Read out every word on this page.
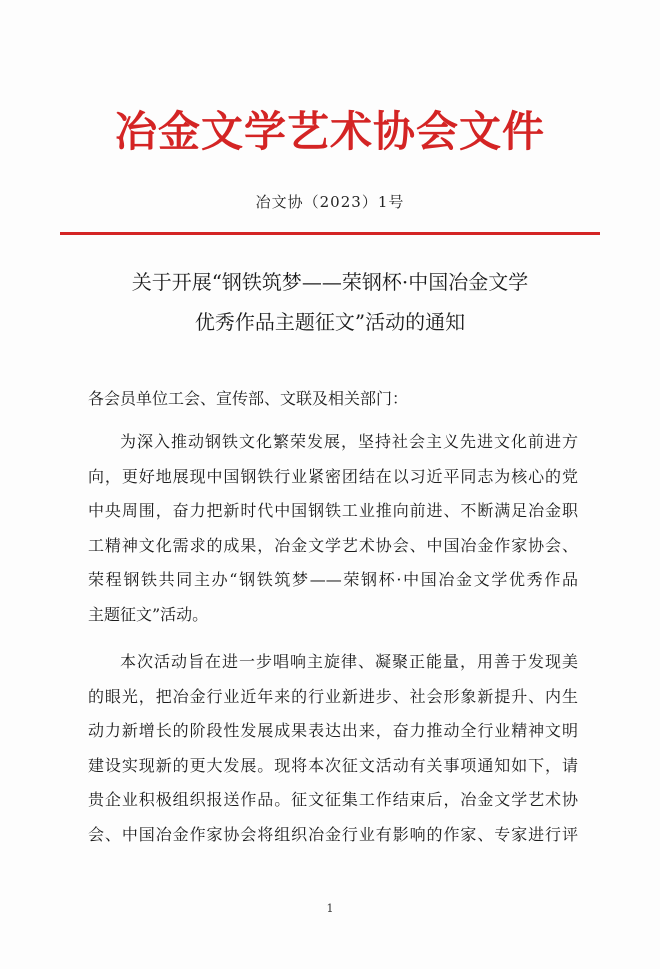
冶金文学艺术协会文件
冶文协（2023）1号
关于开展“钢铁筑梦——荣钢杯·中国冶金文学
优秀作品主题征文”活动的通知
各会员单位工会、宣传部、文联及相关部门：
为深入推动钢铁文化繁荣发展，坚持社会主义先进文化前进方
向，更好地展现中国钢铁行业紧密团结在以习近平同志为核心的党
中央周围，奋力把新时代中国钢铁工业推向前进、不断满足冶金职
工精神文化需求的成果，冶金文学艺术协会、中国冶金作家协会、
荣程钢铁共同主办“钢铁筑梦——荣钢杯·中国冶金文学优秀作品
主题征文”活动。
本次活动旨在进一步唱响主旋律、凝聚正能量，用善于发现美
的眼光，把冶金行业近年来的行业新进步、社会形象新提升、内生
动力新增长的阶段性发展成果表达出来，奋力推动全行业精神文明
建设实现新的更大发展。现将本次征文活动有关事项通知如下，请
贵企业积极组织报送作品。征文征集工作结束后，冶金文学艺术协
会、中国冶金作家协会将组织冶金行业有影响的作家、专家进行评
1
